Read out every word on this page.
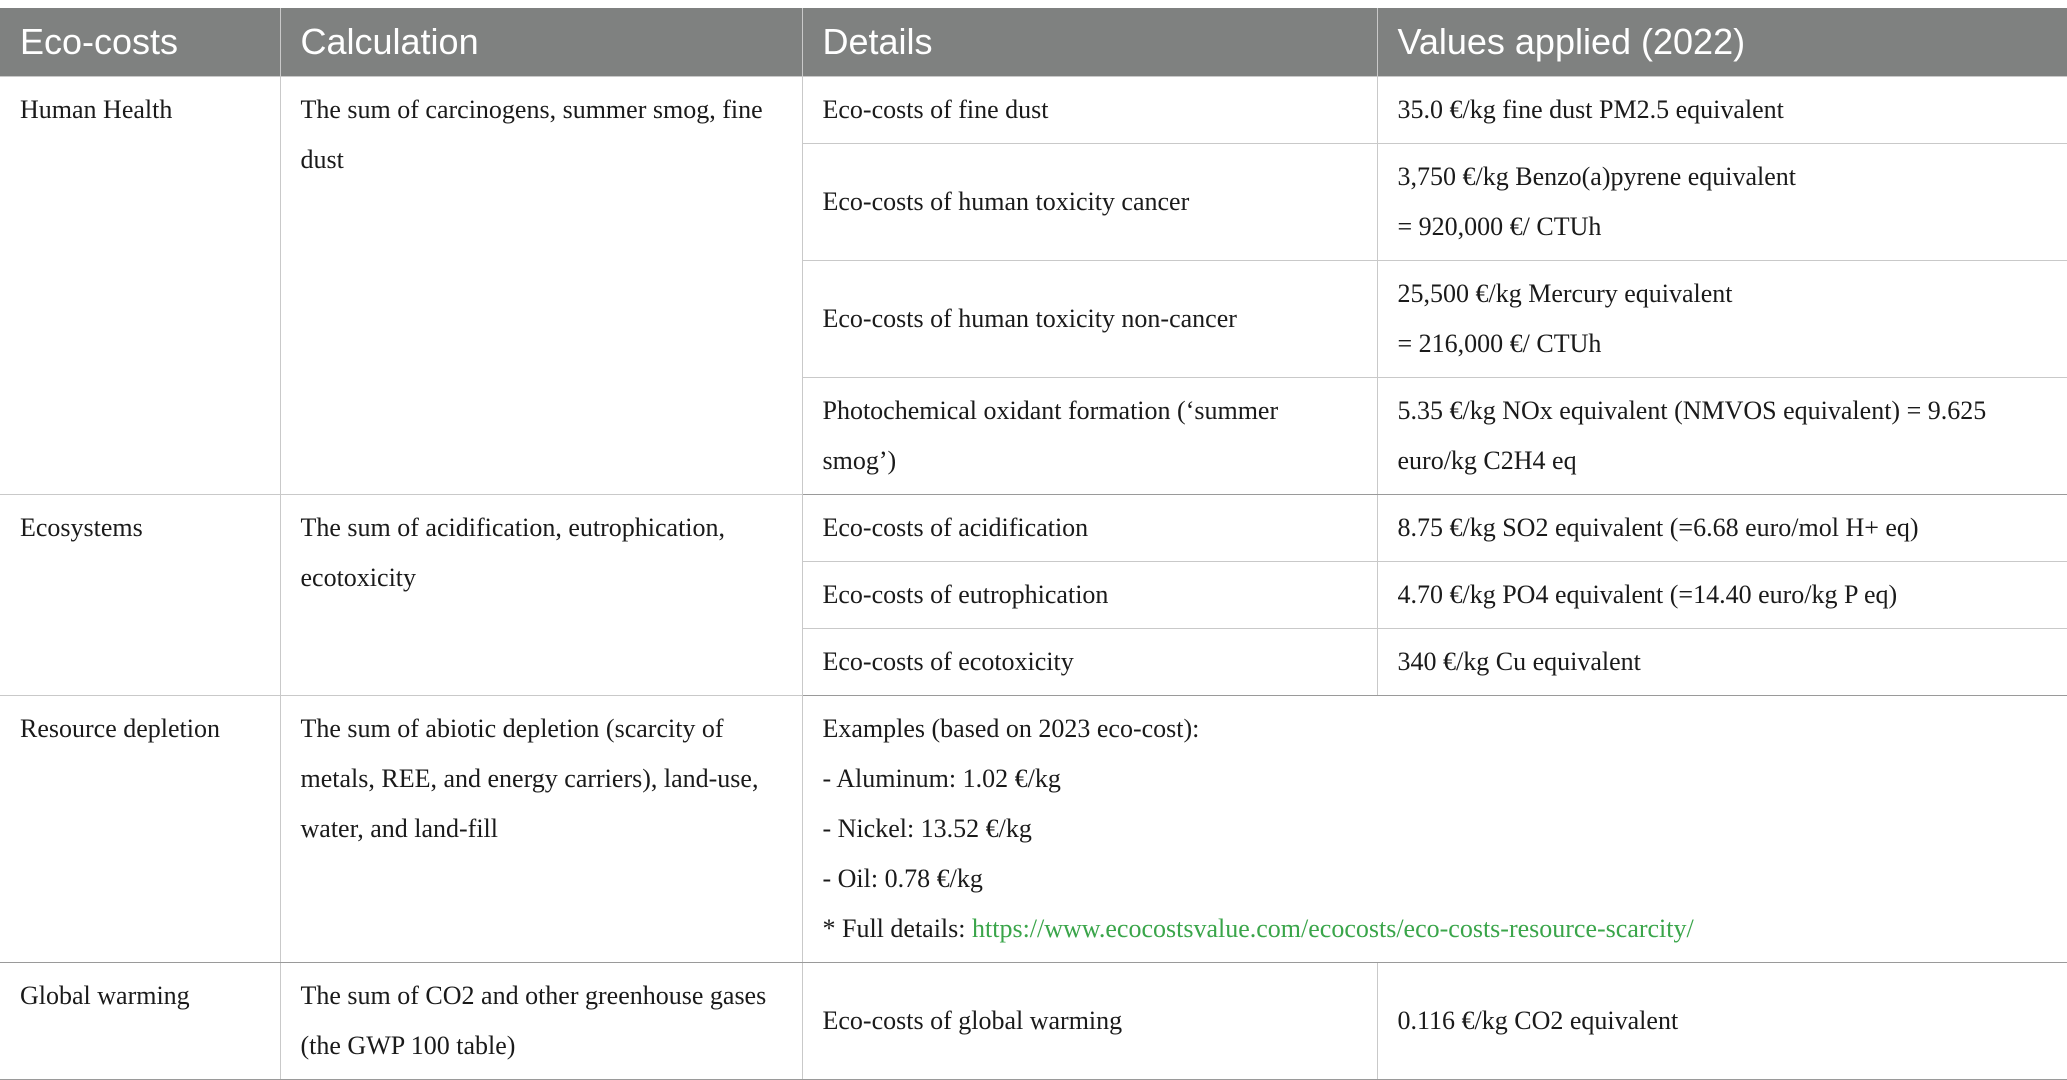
Eco-costs	Calculation	Details	Values applied (2022)
Human Health	The sum of carcinogens, summer smog, fine dust	Eco-costs of fine dust	35.0 €/kg fine dust PM2.5 equivalent

		Eco-costs of human toxicity cancer	3,750 €/kg Benzo(a)pyrene equivalent
= 920,000 €/ CTUh

		Eco-costs of human toxicity non-cancer	25,500 €/kg Mercury equivalent
= 216,000 €/ CTUh

		Photochemical oxidant formation (‘summer smog’)	5.35 €/kg NOx equivalent (NMVOS equivalent) = 9.625 euro/kg C2H4 eq

Ecosystems	The sum of acidification, eutrophication, ecotoxicity	Eco-costs of acidification	8.75 €/kg SO2 equivalent (=6.68 euro/mol H+ eq)
		Eco-costs of eutrophication	4.70 €/kg PO4 equivalent (=14.40 euro/kg P eq)
		Eco-costs of ecotoxicity	340 €/kg Cu equivalent
Resource depletion	The sum of abiotic depletion (scarcity of metals, REE, and energy carriers), land-use, water, and land-fill	Examples (based on 2023 eco-cost):
- Aluminum: 1.02 €/kg
- Nickel: 13.52 €/kg
- Oil: 0.78 €/kg
* Full details: https://www.ecocostsvalue.com/ecocosts/eco-costs-resource-scarcity/	

Global warming	The sum of CO2 and other greenhouse gases (the GWP 100 table)	Eco-costs of global warming	0.116 €/kg CO2 equivalent
